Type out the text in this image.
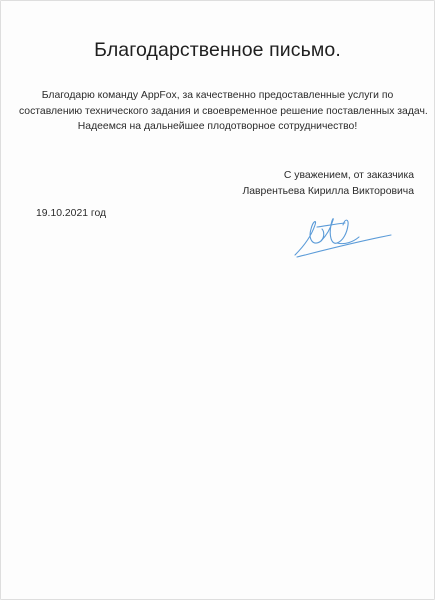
Благодарственное письмо.
Благодарю команду AppFox, за качественно предоставленные услуги по
составлению технического задания и своевременное решение поставленных задач.
Надеемся на дальнейшее плодотворное сотрудничество!
С уважением, от заказчика
Лаврентьева Кирилла Викторовича
19.10.2021 год
